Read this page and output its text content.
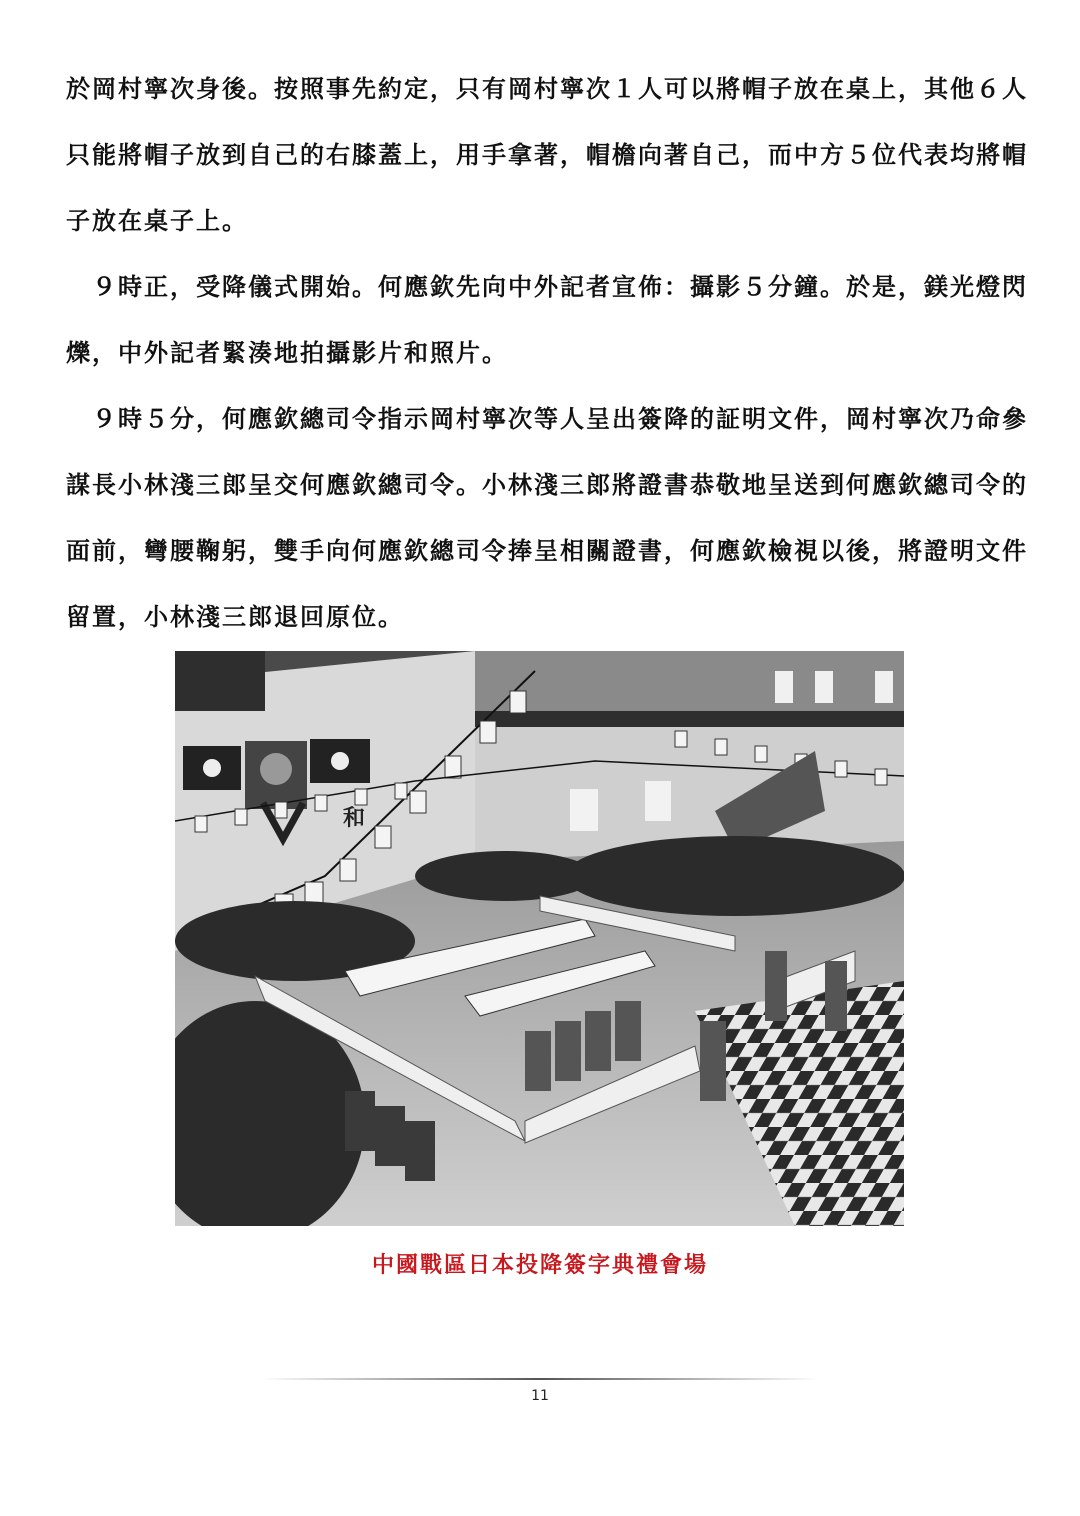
於岡村寧次身後。按照事先約定，只有岡村寧次１人可以將帽子放在桌上，其他６人
只能將帽子放到自己的右膝蓋上，用手拿著，帽檐向著自己，而中方５位代表均將帽
子放在桌子上。
　９時正，受降儀式開始。何應欽先向中外記者宣佈：攝影５分鐘。於是，鎂光燈閃
爍，中外記者緊湊地拍攝影片和照片。
　９時５分，何應欽總司令指示岡村寧次等人呈出簽降的証明文件，岡村寧次乃命參
謀長小林淺三郎呈交何應欽總司令。小林淺三郎將證書恭敬地呈送到何應欽總司令的
面前，彎腰鞠躬，雙手向何應欽總司令捧呈相關證書，何應欽檢視以後，將證明文件
留置，小林淺三郎退回原位。
和
中國戰區日本投降簽字典禮會場
11
